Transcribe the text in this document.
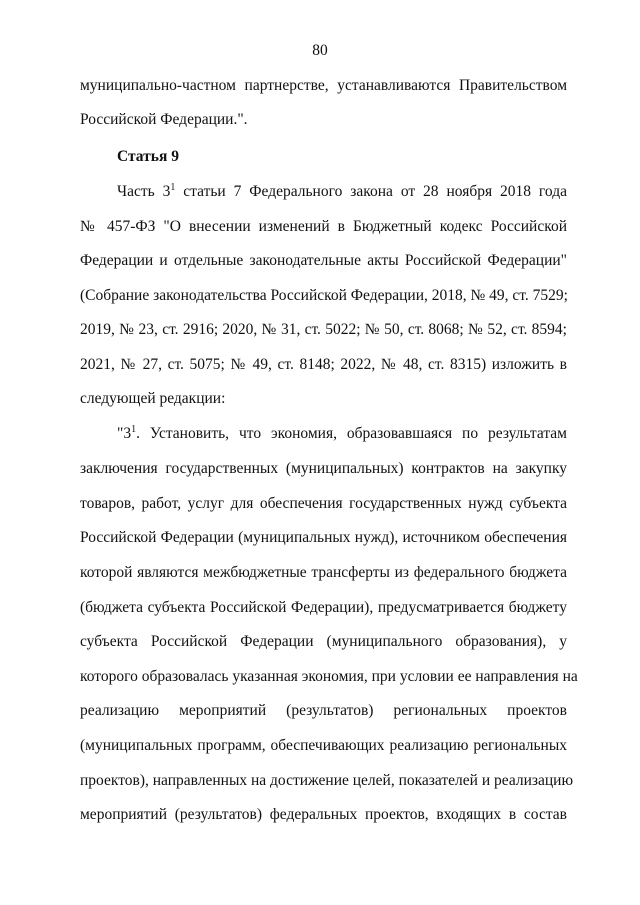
80
муниципально-частном партнерстве, устанавливаются Правительством
Российской Федерации.".
Статья 9
Часть $3^1$ статьи 7 Федерального закона от 28 ноября 2018 года
№ 457-ФЗ "О внесении изменений в Бюджетный кодекс Российской
Федерации и отдельные законодательные акты Российской Федерации"
(Собрание законодательства Российской Федерации, 2018, № 49, ст. 7529;
2019, № 23, ст. 2916; 2020, № 31, ст. 5022; № 50, ст. 8068; № 52, ст. 8594;
2021, № 27, ст. 5075; № 49, ст. 8148; 2022, № 48, ст. 8315) изложить в
следующей редакции:
"$3^1$. Установить, что экономия, образовавшаяся по результатам
заключения государственных (муниципальных) контрактов на закупку
товаров, работ, услуг для обеспечения государственных нужд субъекта
Российской Федерации (муниципальных нужд), источником обеспечения
которой являются межбюджетные трансферты из федерального бюджета
(бюджета субъекта Российской Федерации), предусматривается бюджету
субъекта Российской Федерации (муниципального образования), у
которого образовалась указанная экономия, при условии ее направления на
реализацию мероприятий (результатов) региональных проектов
(муниципальных программ, обеспечивающих реализацию региональных
проектов), направленных на достижение целей, показателей и реализацию
мероприятий (результатов) федеральных проектов, входящих в состав
